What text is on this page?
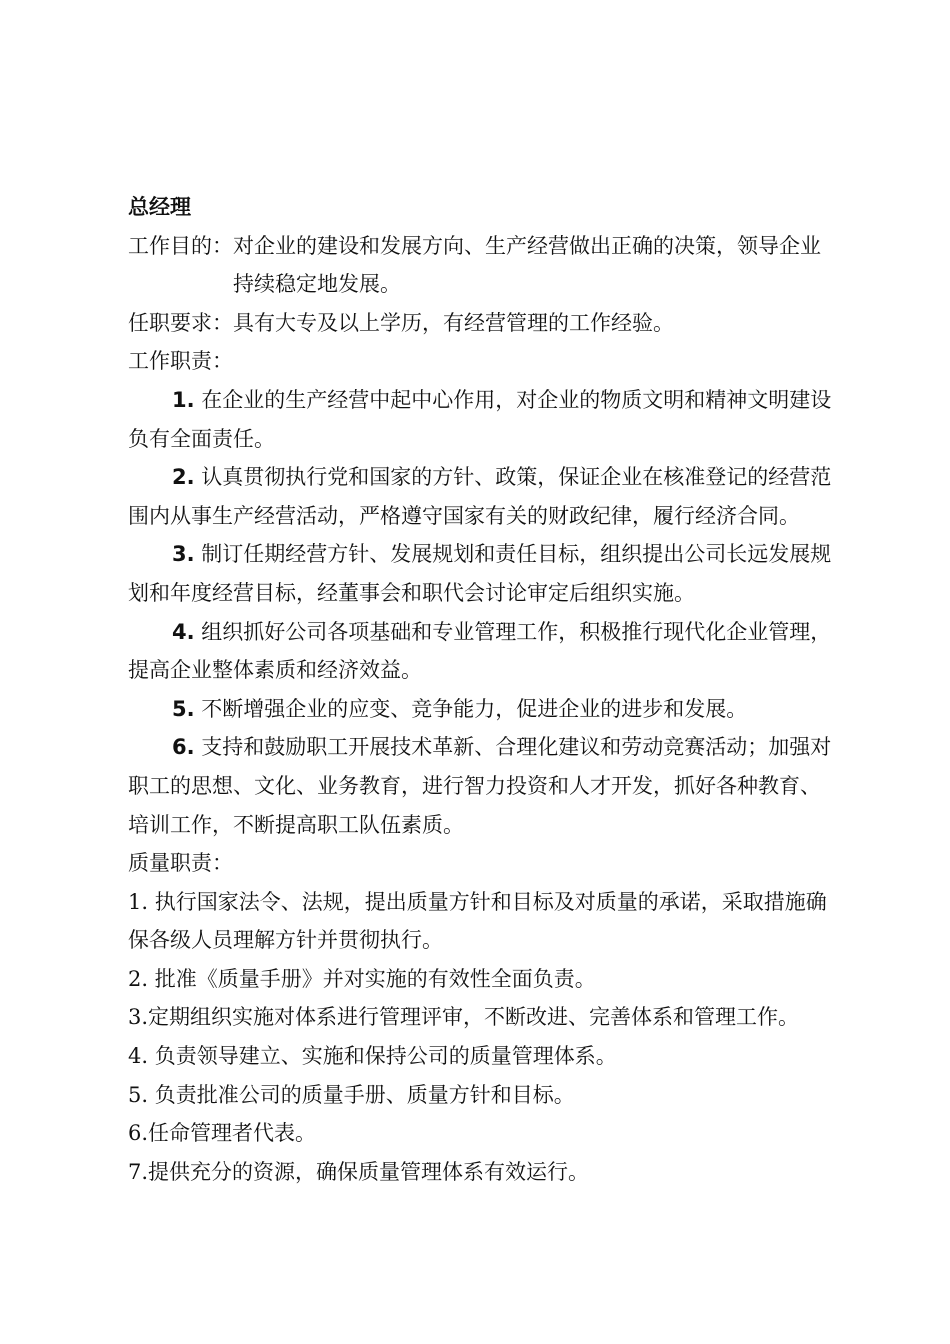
总经理

工作目的： 对企业的建设和发展方向、生产经营做出正确的决策，领导企业持续稳定地发展。
任职要求： 具有大专及以上学历，有经营管理的工作经验。

工作职责：

1. 在企业的生产经营中起中心作用，对企业的物质文明和精神文明建设负有全面责任。

2. 认真贯彻执行党和国家的方针、政策，保证企业在核准登记的经营范围内从事生产经营活动，严格遵守国家有关的财政纪律，履行经济合同。

3. 制订任期经营方针、发展规划和责任目标，组织提出公司长远发展规划和年度经营目标，经董事会和职代会讨论审定后组织实施。

4. 组织抓好公司各项基础和专业管理工作，积极推行现代化企业管理，提高企业整体素质和经济效益。

5. 不断增强企业的应变、竞争能力，促进企业的进步和发展。

6. 支持和鼓励职工开展技术革新、合理化建议和劳动竞赛活动；加强对职工的思想、文化、业务教育，进行智力投资和人才开发，抓好各种教育、培训工作，不断提高职工队伍素质。

质量职责：

1. 执行国家法令、法规，提出质量方针和目标及对质量的承诺，采取措施确保各级人员理解方针并贯彻执行。

2. 批准《质量手册》并对实施的有效性全面负责。

3.定期组织实施对体系进行管理评审，不断改进、完善体系和管理工作。

4. 负责领导建立、实施和保持公司的质量管理体系。

5. 负责批准公司的质量手册、质量方针和目标。

6.任命管理者代表。

7.提供充分的资源，确保质量管理体系有效运行。
